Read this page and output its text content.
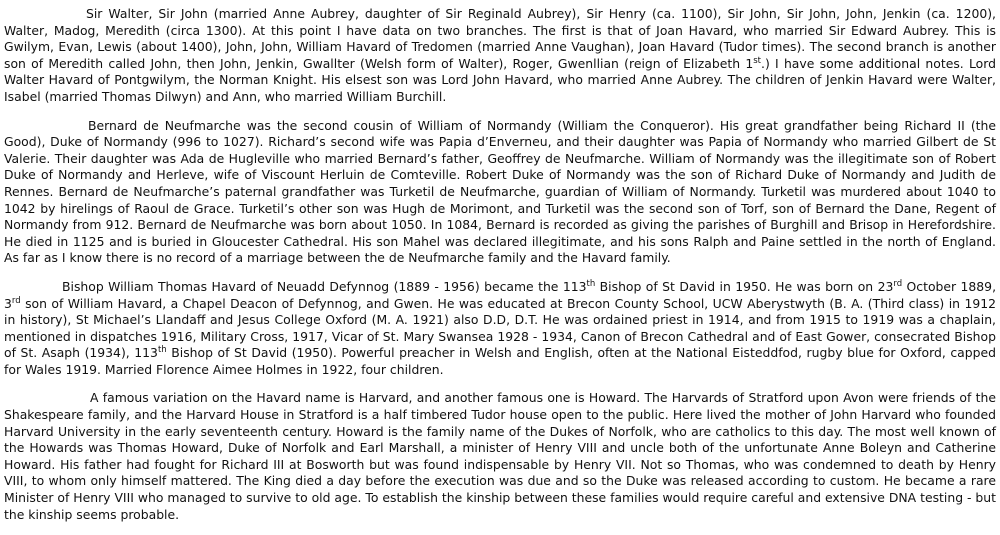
Sir Walter, Sir John (married Anne Aubrey, daughter of Sir Reginald Aubrey), Sir Henry (ca. 1100), Sir John, Sir John, John, Jenkin (ca. 1200), Walter, Madog, Meredith (circa 1300). At this point I have data on two branches. The first is that of Joan Havard, who married Sir Edward Aubrey. This is Gwilym, Evan, Lewis (about 1400), John, John, William Havard of Tredomen (married Anne Vaughan), Joan Havard (Tudor times). The second branch is another son of Meredith called John, then John, Jenkin, Gwallter (Welsh form of Walter), Roger, Gwenllian (reign of Elizabeth 1st.) I have some additional notes. Lord Walter Havard of Pontgwilym, the Norman Knight. His elsest son was Lord John Havard, who married Anne Aubrey. The children of Jenkin Havard were Walter, Isabel (married Thomas Dilwyn) and Ann, who married William Burchill.

Bernard de Neufmarche was the second cousin of William of Normandy (William the Conqueror). His great grandfather being Richard II (the Good), Duke of Normandy (996 to 1027). Richard’s second wife was Papia d’Enverneu, and their daughter was Papia of Normandy who married Gilbert de St Valerie. Their daughter was Ada de Hugleville who married Bernard’s father, Geoffrey de Neufmarche. William of Normandy was the illegitimate son of Robert Duke of Normandy and Herleve, wife of Viscount Herluin de Comteville. Robert Duke of Normandy was the son of Richard Duke of Normandy and Judith de Rennes. Bernard de Neufmarche’s paternal grandfather was Turketil de Neufmarche, guardian of William of Normandy. Turketil was murdered about 1040 to 1042 by hirelings of Raoul de Grace. Turketil’s other son was Hugh de Morimont, and Turketil was the second son of Torf, son of Bernard the Dane, Regent of Normandy from 912. Bernard de Neufmarche was born about 1050. In 1084, Bernard is recorded as giving the parishes of Burghill and Brisop in Herefordshire. He died in 1125 and is buried in Gloucester Cathedral. His son Mahel was declared illegitimate, and his sons Ralph and Paine settled in the north of England. As far as I know there is no record of a marriage between the de Neufmarche family and the Havard family.

Bishop William Thomas Havard of Neuadd Defynnog (1889 - 1956) became the 113th Bishop of St David in 1950. He was born on 23rd October 1889, 3rd son of William Havard, a Chapel Deacon of Defynnog, and Gwen. He was educated at Brecon County School, UCW Aberystwyth (B. A. (Third class) in 1912 in history), St Michael’s Llandaff and Jesus College Oxford (M. A. 1921) also D.D, D.T. He was ordained priest in 1914, and from 1915 to 1919 was a chaplain, mentioned in dispatches 1916, Military Cross, 1917, Vicar of St. Mary Swansea 1928 - 1934, Canon of Brecon Cathedral and of East Gower, consecrated Bishop of St. Asaph (1934), 113th Bishop of St David (1950). Powerful preacher in Welsh and English, often at the National Eisteddfod, rugby blue for Oxford, capped for Wales 1919. Married Florence Aimee Holmes in 1922, four children.

A famous variation on the Havard name is Harvard, and another famous one is Howard. The Harvards of Stratford upon Avon were friends of the Shakespeare family, and the Harvard House in Stratford is a half timbered Tudor house open to the public. Here lived the mother of John Harvard who founded Harvard University in the early seventeenth century. Howard is the family name of the Dukes of Norfolk, who are catholics to this day. The most well known of the Howards was Thomas Howard, Duke of Norfolk and Earl Marshall, a minister of Henry VIII and uncle both of the unfortunate Anne Boleyn and Catherine Howard. His father had fought for Richard III at Bosworth but was found indispensable by Henry VII. Not so Thomas, who was condemned to death by Henry VIII, to whom only himself mattered. The King died a day before the execution was due and so the Duke was released according to custom. He became a rare Minister of Henry VIII who managed to survive to old age. To establish the kinship between these families would require careful and extensive DNA testing - but the kinship seems probable.
